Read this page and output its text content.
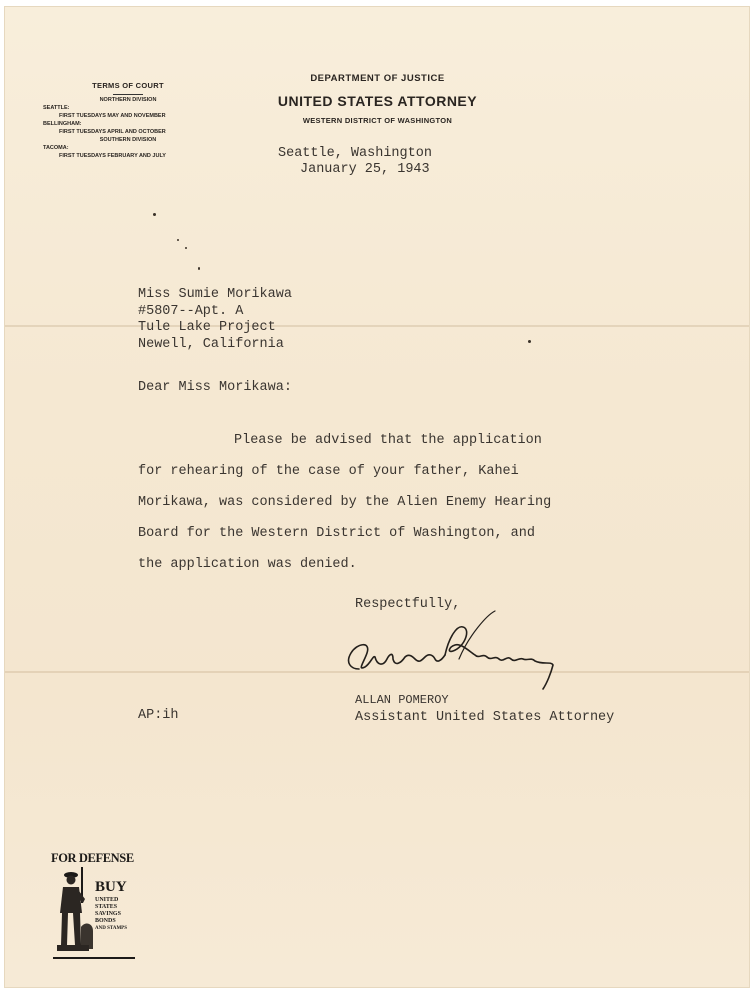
TERMS OF COURT
NORTHERN DIVISION
SEATTLE:
FIRST TUESDAYS MAY AND NOVEMBER
BELLINGHAM:
FIRST TUESDAYS APRIL AND OCTOBER
SOUTHERN DIVISION
TACOMA:
FIRST TUESDAYS FEBRUARY AND JULY
DEPARTMENT OF JUSTICE
UNITED STATES ATTORNEY
WESTERN DISTRICT OF WASHINGTON
Seattle, Washington
January 25, 1943
Miss Sumie Morikawa
#5807--Apt. A
Tule Lake Project
Newell, California
Dear Miss Morikawa:
Please be advised that the application
for rehearing of the case of your father, Kahei
Morikawa, was considered by the Alien Enemy Hearing
Board for the Western District of Washington, and
the application was denied.
Respectfully,
ALLAN POMEROY
Assistant United States Attorney
AP:ih
FOR DEFENSE
BUY
UNITED
STATES
SAVINGS
BONDS
AND STAMPS
